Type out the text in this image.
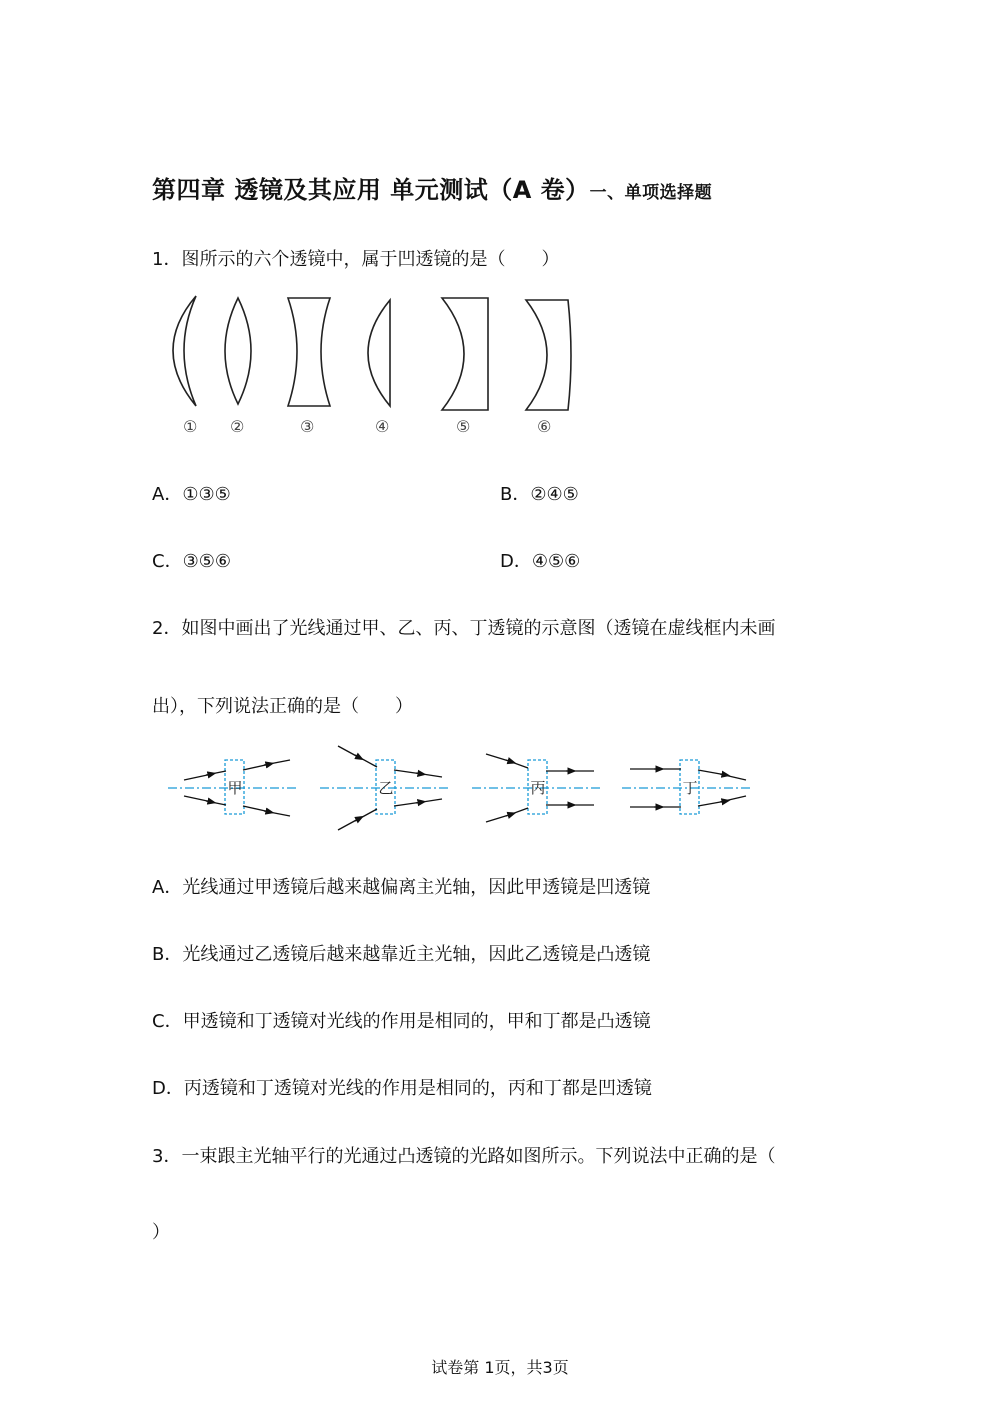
第四章 透镜及其应用 单元测试（A 卷）一、单项选择题
1．图所示的六个透镜中，属于凹透镜的是（　　）
① ②	③	④	⑤	⑥
A．①③⑤	B．②④⑤
C．③⑤⑥	D．④⑤⑥
2．如图中画出了光线通过甲、乙、丙、丁透镜的示意图（透镜在虚线框内未画
出），下列说法正确的是（　　）
甲	乙	丙	丁
A．光线通过甲透镜后越来越偏离主光轴，因此甲透镜是凹透镜
B．光线通过乙透镜后越来越靠近主光轴，因此乙透镜是凸透镜
C．甲透镜和丁透镜对光线的作用是相同的，甲和丁都是凸透镜
D．丙透镜和丁透镜对光线的作用是相同的，丙和丁都是凹透镜
3．一束跟主光轴平行的光通过凸透镜的光路如图所示。下列说法中正确的是（
）
试卷第 1页，共3页
